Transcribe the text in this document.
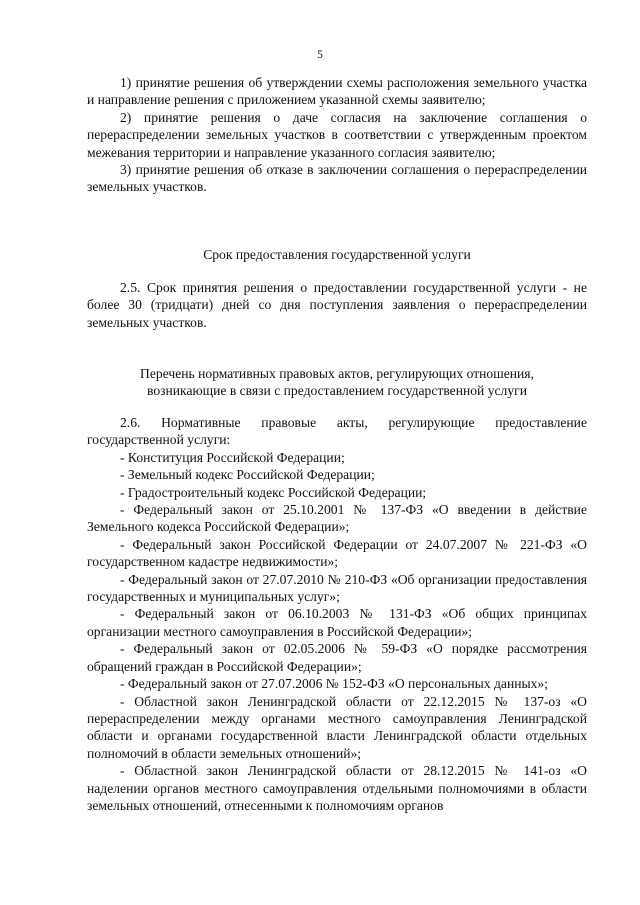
5

1) принятие решения об утверждении схемы расположения земельного участка и направление решения с приложением указанной схемы заявителю;

2) принятие решения о даче согласия на заключение соглашения о перераспределении земельных участков в соответствии с утвержденным проектом межевания территории и направление указанного согласия заявителю;

3) принятие решения об отказе в заключении соглашения о перераспределении земельных участков.

Срок предоставления государственной услуги

2.5. Срок принятия решения о предоставлении государственной услуги - не более 30 (тридцати) дней со дня поступления заявления о перераспределении земельных участков.

Перечень нормативных правовых актов, регулирующих отношения,

возникающие в связи с предоставлением государственной услуги

2.6. Нормативные правовые акты, регулирующие предоставление государственной услуги:

- Конституция Российской Федерации;

- Земельный кодекс Российской Федерации;

- Градостроительный кодекс Российской Федерации;

- Федеральный закон от 25.10.2001 № 137-ФЗ «О введении в действие Земельного кодекса Российской Федерации»;

- Федеральный закон Российской Федерации от 24.07.2007 № 221-ФЗ «О государственном кадастре недвижимости»;

- Федеральный закон от 27.07.2010 № 210-ФЗ «Об организации предоставления государственных и муниципальных услуг»;

- Федеральный закон от 06.10.2003 № 131-ФЗ «Об общих принципах организации местного самоуправления в Российской Федерации»;

- Федеральный закон от 02.05.2006 № 59-ФЗ «О порядке рассмотрения обращений граждан в Российской Федерации»;

- Федеральный закон от 27.07.2006 № 152-ФЗ «О персональных данных»;

- Областной закон Ленинградской области от 22.12.2015 № 137-оз «О перераспределении между органами местного самоуправления Ленинградской области и органами государственной власти Ленинградской области отдельных полномочий в области земельных отношений»;

- Областной закон Ленинградской области от 28.12.2015 № 141-оз «О наделении органов местного самоуправления отдельными полномочиями в области земельных отношений, отнесенными к полномочиям органов
